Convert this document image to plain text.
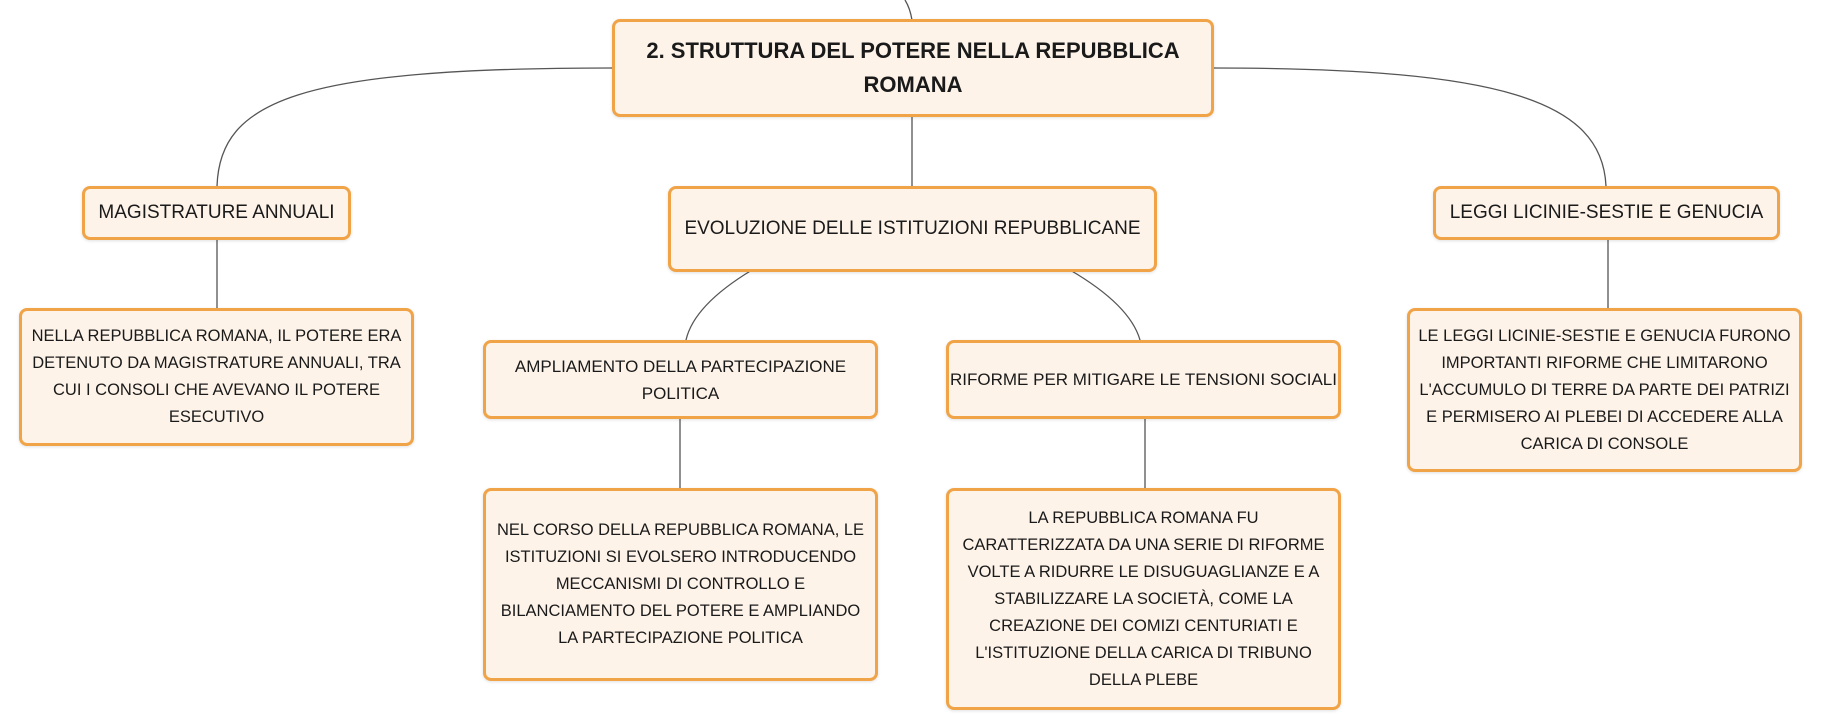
2. STRUTTURA DEL POTERE NELLA REPUBBLICA ROMANA
MAGISTRATURE ANNUALI
NELLA REPUBBLICA ROMANA, IL POTERE ERA DETENUTO DA MAGISTRATURE ANNUALI, TRA CUI I CONSOLI CHE AVEVANO IL POTERE ESECUTIVO
EVOLUZIONE DELLE ISTITUZIONI REPUBBLICANE
AMPLIAMENTO DELLA PARTECIPAZIONE POLITICA
NEL CORSO DELLA REPUBBLICA ROMANA, LE ISTITUZIONI SI EVOLSERO INTRODUCENDO MECCANISMI DI CONTROLLO E BILANCIAMENTO DEL POTERE E AMPLIANDO LA PARTECIPAZIONE POLITICA
RIFORME PER MITIGARE LE TENSIONI SOCIALI
LA REPUBBLICA ROMANA FU CARATTERIZZATA DA UNA SERIE DI RIFORME VOLTE A RIDURRE LE DISUGUAGLIANZE E A STABILIZZARE LA SOCIETÀ, COME LA CREAZIONE DEI COMIZI CENTURIATI E L'ISTITUZIONE DELLA CARICA DI TRIBUNO DELLA PLEBE
LEGGI LICINIE-SESTIE E GENUCIA
LE LEGGI LICINIE-SESTIE E GENUCIA FURONO IMPORTANTI RIFORME CHE LIMITARONO L'ACCUMULO DI TERRE DA PARTE DEI PATRIZI E PERMISERO AI PLEBEI DI ACCEDERE ALLA CARICA DI CONSOLE
